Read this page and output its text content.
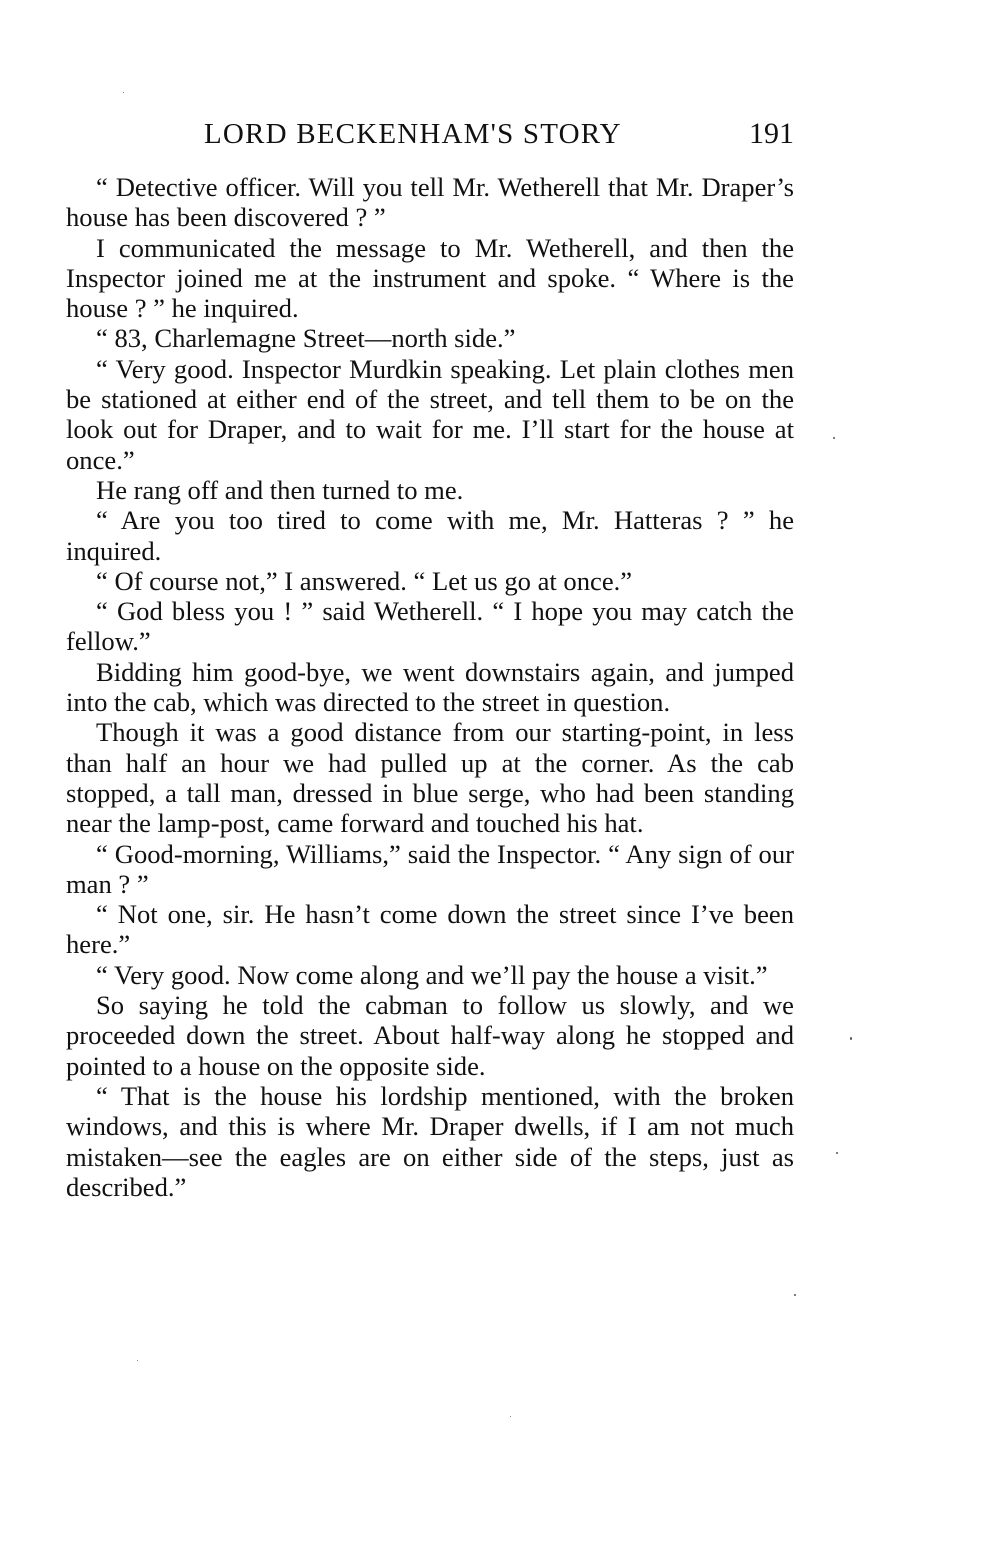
LORD BECKENHAM'S STORY	191

“ Detective officer. Will you tell Mr. Wetherell that Mr. Draper’s house has been discovered ? ”

I communicated the message to Mr. Wetherell, and then the Inspector joined me at the instrument and spoke. “ Where is the house ? ” he inquired.

“ 83, Charlemagne Street—north side.”

“ Very good. Inspector Murdkin speaking. Let plain clothes men be stationed at either end of the street, and tell them to be on the look out for Draper, and to wait for me. I’ll start for the house at once.”

He rang off and then turned to me.

“ Are you too tired to come with me, Mr. Hatteras ? ” he inquired.

“ Of course not,” I answered. “ Let us go at once.”

“ God bless you ! ” said Wetherell. “ I hope you may catch the fellow.”

Bidding him good-bye, we went downstairs again, and jumped into the cab, which was directed to the street in question.

Though it was a good distance from our starting-point, in less than half an hour we had pulled up at the corner. As the cab stopped, a tall man, dressed in blue serge, who had been standing near the lamp-post, came forward and touched his hat.

“ Good-morning, Williams,” said the Inspector. “ Any sign of our man ? ”

“ Not one, sir. He hasn’t come down the street since I’ve been here.”

“ Very good. Now come along and we’ll pay the house a visit.”

So saying he told the cabman to follow us slowly, and we proceeded down the street. About half-way along he stopped and pointed to a house on the opposite side.

“ That is the house his lordship mentioned, with the broken windows, and this is where Mr. Draper dwells, if I am not much mistaken—see the eagles are on either side of the steps, just as described.”
